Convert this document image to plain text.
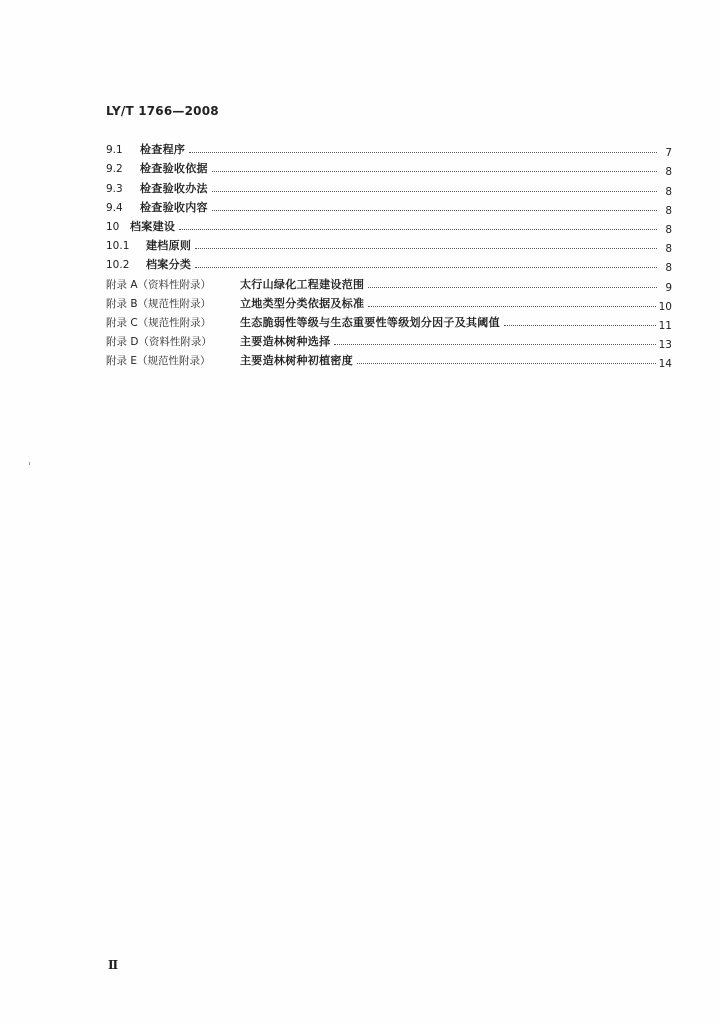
LY/T 1766—2008
9.1	检查程序	7
9.2	检查验收依据	8
9.3	检查验收办法	8
9.4	检查验收内容	8
10 档案建设	8
10.1	建档原则	8
10.2	档案分类	8
附录 A（资料性附录）	太行山绿化工程建设范围	9
附录 B（规范性附录）	立地类型分类依据及标准	10
附录 C（规范性附录）	生态脆弱性等级与生态重要性等级划分因子及其阈值	11
附录 D（资料性附录）	主要造林树种选择	13
附录 E（规范性附录）	主要造林树种初植密度	14
Ⅱ
